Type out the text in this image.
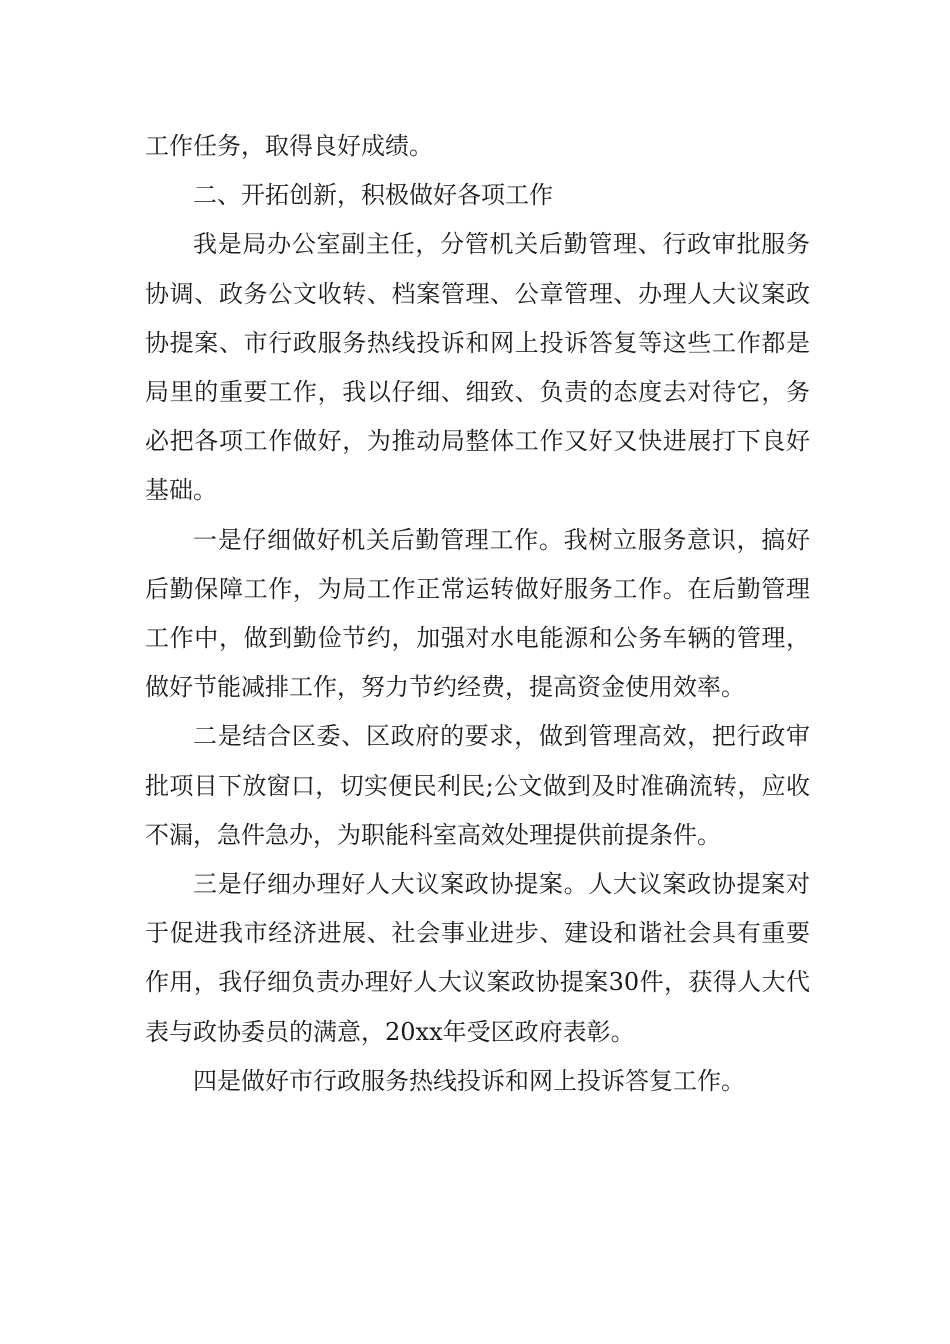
工作任务，取得良好成绩。

二、开拓创新，积极做好各项工作

我是局办公室副主任，分管机关后勤管理、行政审批服务协调、政务公文收转、档案管理、公章管理、办理人大议案政协提案、市行政服务热线投诉和网上投诉答复等这些工作都是局里的重要工作，我以仔细、细致、负责的态度去对待它，务必把各项工作做好，为推动局整体工作又好又快进展打下良好基础。

一是仔细做好机关后勤管理工作。我树立服务意识，搞好后勤保障工作，为局工作正常运转做好服务工作。在后勤管理工作中，做到勤俭节约，加强对水电能源和公务车辆的管理，做好节能减排工作，努力节约经费，提高资金使用效率。

二是结合区委、区政府的要求，做到管理高效，把行政审批项目下放窗口，切实便民利民;公文做到及时准确流转，应收不漏，急件急办，为职能科室高效处理提供前提条件。

三是仔细办理好人大议案政协提案。人大议案政协提案对于促进我市经济进展、社会事业进步、建设和谐社会具有重要作用，我仔细负责办理好人大议案政协提案30件，获得人大代表与政协委员的满意，20xx年受区政府表彰。

四是做好市行政服务热线投诉和网上投诉答复工作。
